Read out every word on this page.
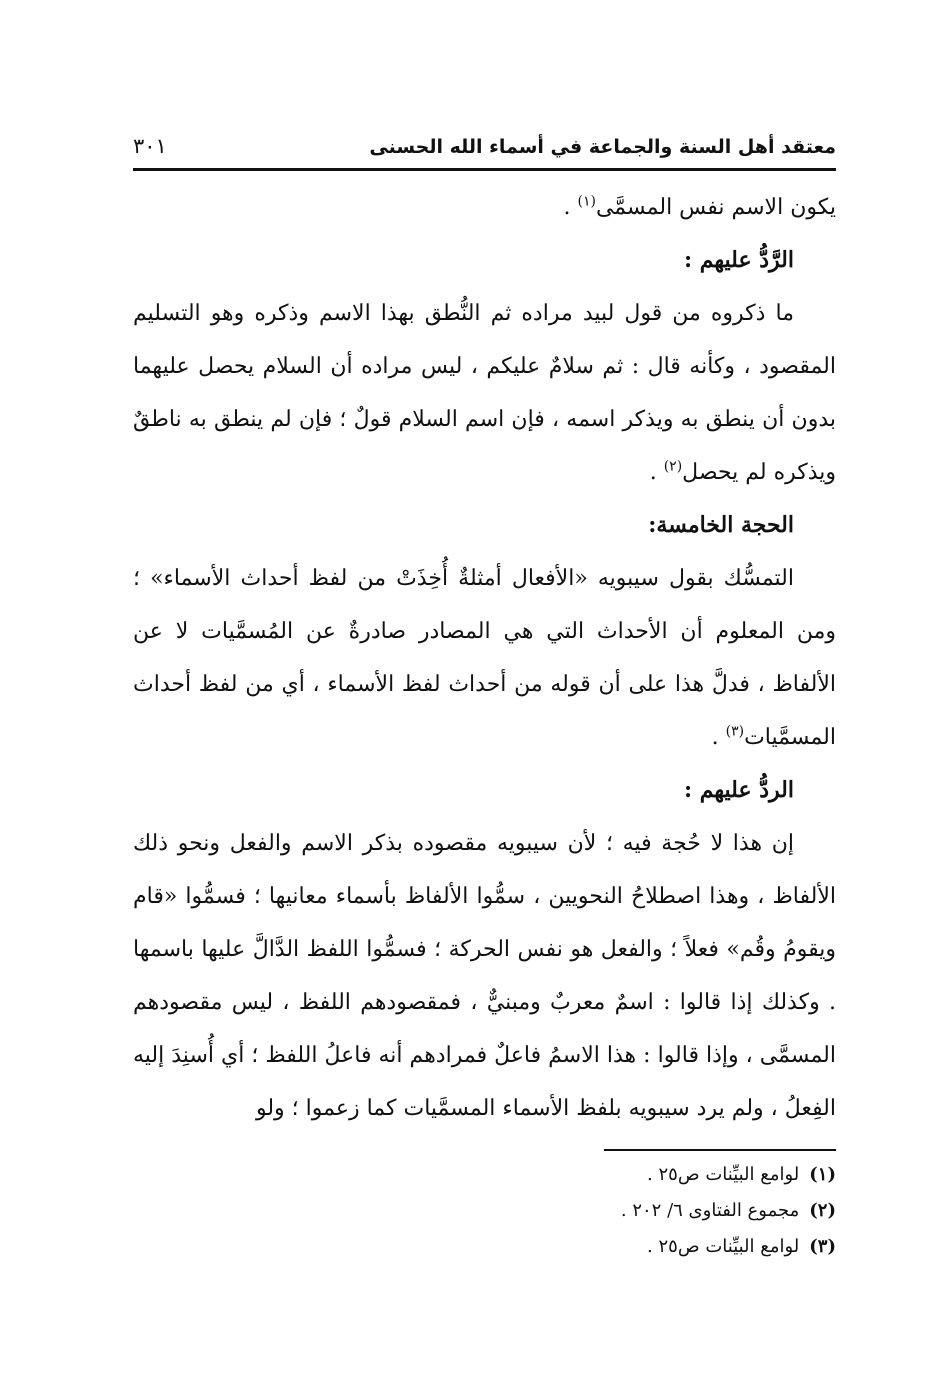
معتقد أهل السنة والجماعة في أسماء الله الحسنى
٣٠١

يكون الاسم نفس المسمَّى$^{(١)}$ .

الرَّدُّ عليهم :

ما ذكروه من قول لبيد مراده ثم النُّطق بهذا الاسم وذكره وهو التسليم المقصود ، وكأنه قال : ثم سلامٌ عليكم ، ليس مراده أن السلام يحصل عليهما بدون أن ينطق به ويذكر اسمه ، فإن اسم السلام قولٌ ؛ فإن لم ينطق به ناطقٌ ويذكره لم يحصل$^{(٢)}$ .

الحجة الخامسة:

التمسُّك بقول سيبويه «الأفعال أمثلةٌ أُخِذَتْ من لفظ أحداث الأسماء» ؛ ومن المعلوم أن الأحداث التي هي المصادر صادرةٌ عن المُسمَّيات لا عن الألفاظ ، فدلَّ هذا على أن قوله من أحداث لفظ الأسماء ، أي من لفظ أحداث المسمَّيات$^{(٣)}$ .

الردُّ عليهم :

إن هذا لا حُجة فيه ؛ لأن سيبويه مقصوده بذكر الاسم والفعل ونحو ذلك الألفاظ ، وهذا اصطلاحُ النحويين ، سمُّوا الألفاظ بأسماء معانيها ؛ فسمُّوا «قام ويقومُ وقُم» فعلاً ؛ والفعل هو نفس الحركة ؛ فسمُّوا اللفظ الدَّالَّ عليها باسمها . وكذلك إذا قالوا : اسمٌ معربٌ ومبنيٌّ ، فمقصودهم اللفظ ، ليس مقصودهم المسمَّى ، وإذا قالوا : هذا الاسمُ فاعلٌ فمرادهم أنه فاعلُ اللفظ ؛ أي أُسنِدَ إليه الفِعلُ ، ولم يرد سيبويه بلفظ الأسماء المسمَّيات كما زعموا ؛ ولو

(١)
لوامع البيِّنات ص٢٥ .

(٢)
مجموع الفتاوى ٦/ ٢٠٢ .

(٣)
لوامع البيِّنات ص٢٥ .
